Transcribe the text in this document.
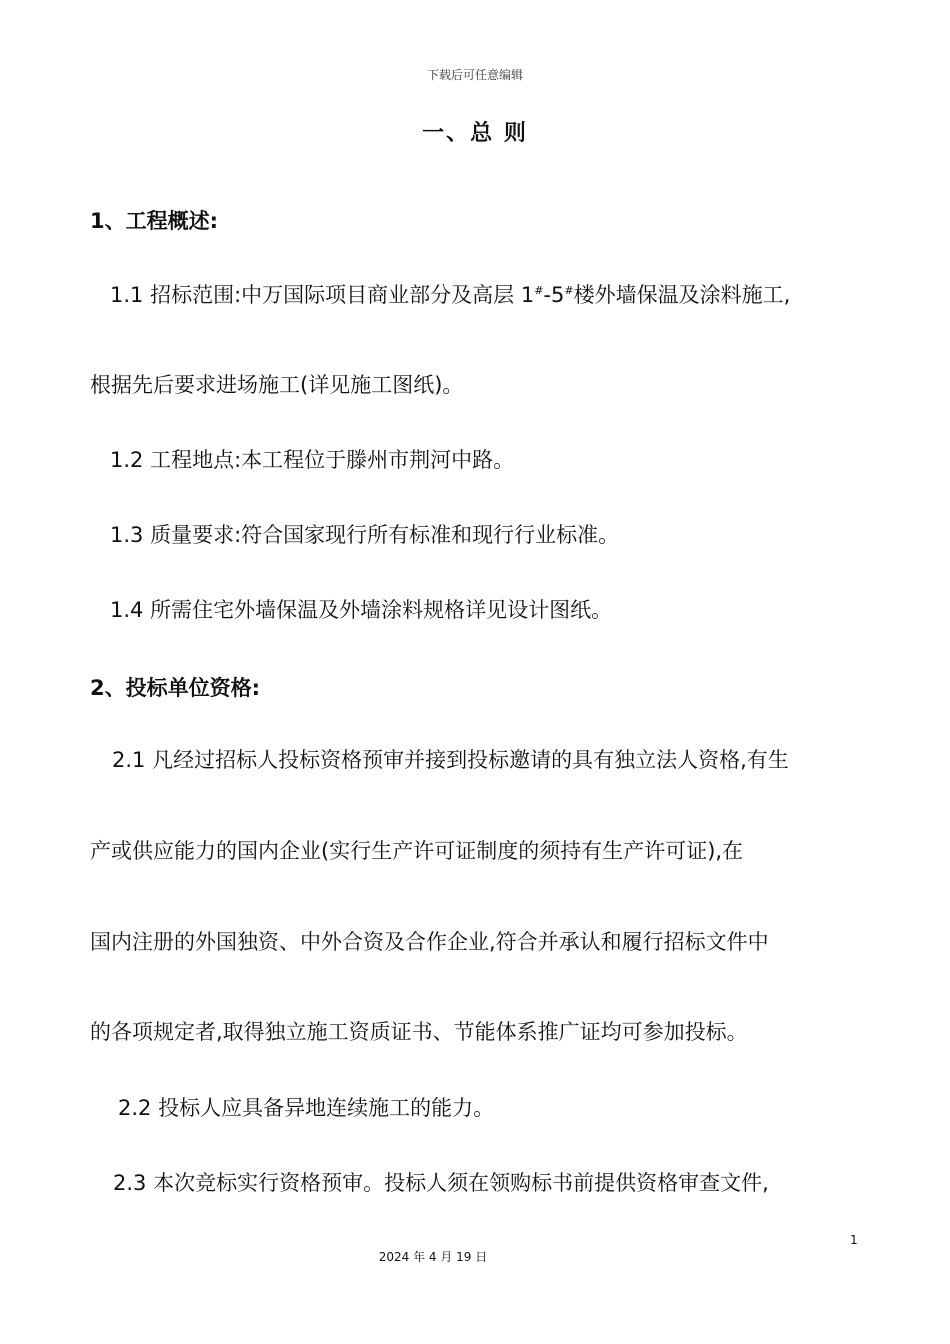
下载后可任意编辑
一、总 则
1、工程概述:
1.1 招标范围:中万国际项目商业部分及高层 1#-5#楼外墙保温及涂料施工,
根据先后要求进场施工(详见施工图纸)。
1.2 工程地点:本工程位于滕州市荆河中路。
1.3 质量要求:符合国家现行所有标准和现行行业标准。
1.4 所需住宅外墙保温及外墙涂料规格详见设计图纸。
2、投标单位资格:
2.1 凡经过招标人投标资格预审并接到投标邀请的具有独立法人资格,有生
产或供应能力的国内企业(实行生产许可证制度的须持有生产许可证),在
国内注册的外国独资、中外合资及合作企业,符合并承认和履行招标文件中
的各项规定者,取得独立施工资质证书、节能体系推广证均可参加投标。
2.2 投标人应具备异地连续施工的能力。
2.3 本次竞标实行资格预审。投标人须在领购标书前提供资格审查文件,
1
2024 年 4 月 19 日
